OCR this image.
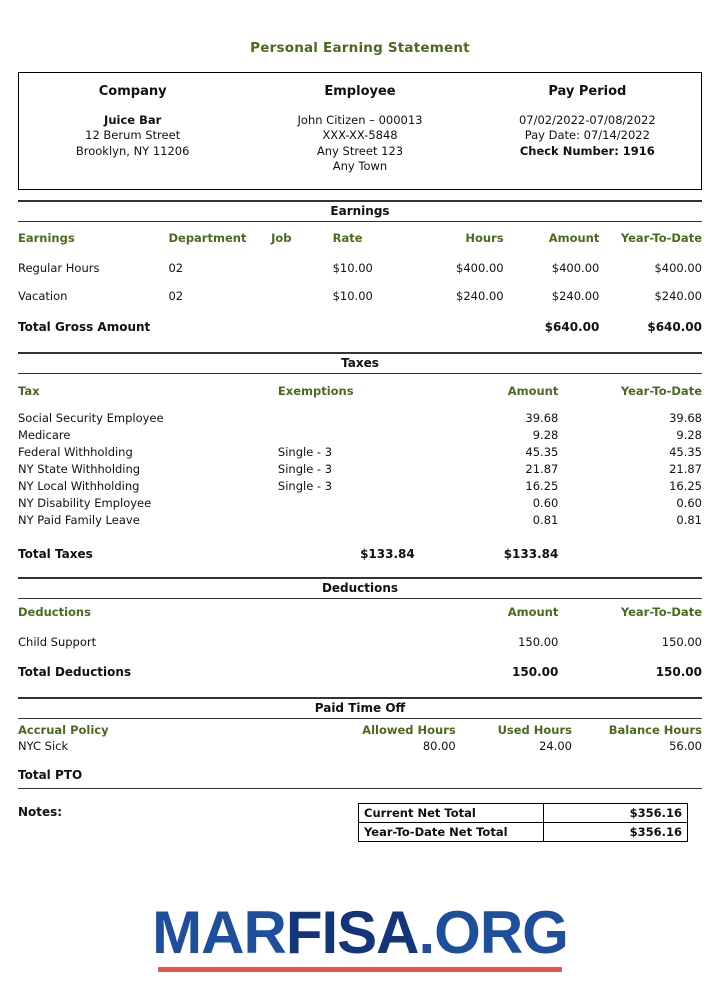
Personal Earning Statement
Company
Juice Bar
12 Berum Street
Brooklyn, NY 11206
Employee
John Citizen – 000013
XXX-XX-5848
Any Street 123
Any Town
Pay Period
07/02/2022-07/08/2022
Pay Date: 07/14/2022
Check Number: 1916
Earnings
Earnings	Department	Job	Rate	Hours	Amount	Year-To-Date
Regular Hours	02		$10.00	$400.00	$400.00	$400.00
Vacation	02		$10.00	$240.00	$240.00	$240.00
Total Gross Amount					$640.00	$640.00
Taxes
Tax	Exemptions	Amount	Year-To-Date
Social Security Employee		39.68	39.68
Medicare		9.28	9.28
Federal Withholding	Single - 3	45.35	45.35
NY State Withholding	Single - 3	21.87	21.87
NY Local Withholding	Single - 3	16.25	16.25
NY Disability Employee		0.60	0.60
NY Paid Family Leave		0.81	0.81
Total Taxes	$133.84	$133.84	
Deductions
Deductions	Amount	Year-To-Date
Child Support	150.00	150.00
Total Deductions	150.00	150.00
Paid Time Off
Accrual Policy	Allowed Hours	Used Hours	Balance Hours
NYC Sick	80.00	24.00	56.00
Total PTO			
Notes:	Current Net Total	$356.16
Year-To-Date Net Total	$356.16
MARFISA.ORG
